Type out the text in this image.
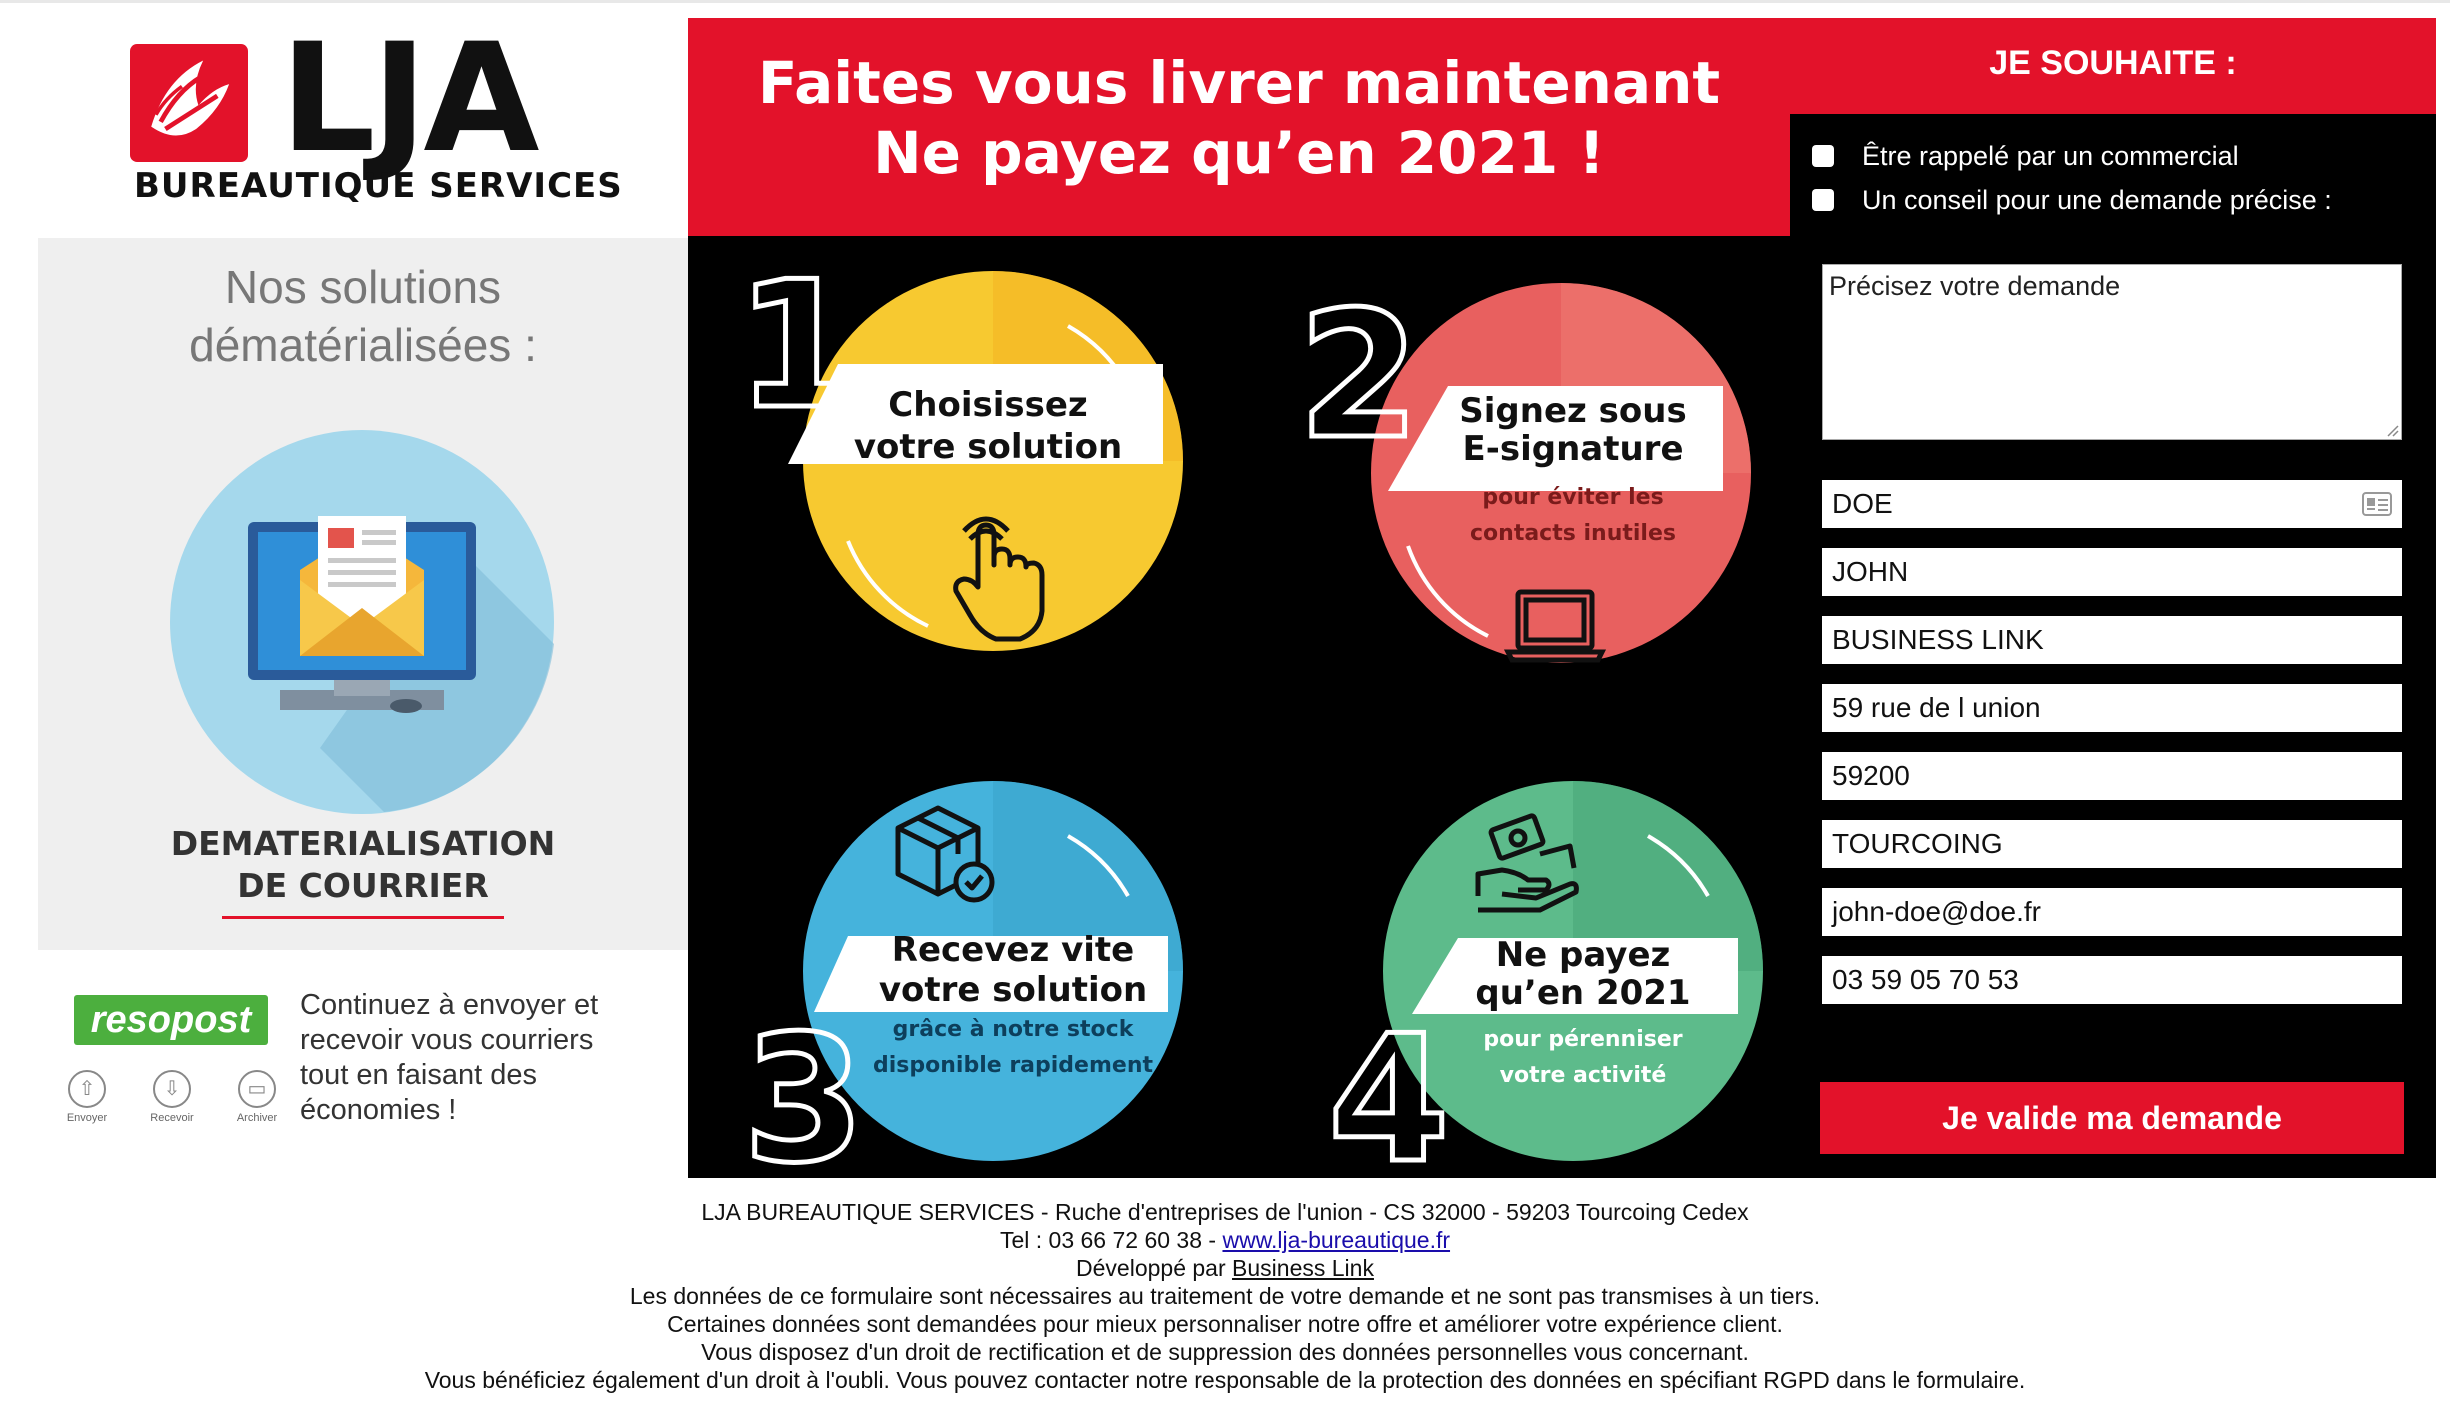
LJA
BUREAUTIQUE SERVICES
Nos solutions
dématérialisées :
DEMATERIALISATION
DE COURRIER
resopost
⇧
Envoyer
⇩
Recevoir
▭
Archiver
Continuez à envoyer et recevoir vous courriers tout en faisant des économies !
Faites vous livrer maintenant
Ne payez qu’en 2021 !
1	2
3	4
Choisissez
votre solution
Signez sous
E-signature
pour éviter les
contacts inutiles
Recevez vite
votre solution
grâce à notre stock
disponible rapidement
Ne payez
qu’en 2021
pour pérenniser
votre activité
JE SOUHAITE :
Être rappelé par un commercial
Un conseil pour une demande précise :
Précisez votre demande
DOE
JOHN
BUSINESS LINK
59 rue de l union
59200
TOURCOING
john-doe@doe.fr
03 59 05 70 53
Je valide ma demande
LJA BUREAUTIQUE SERVICES - Ruche d'entreprises de l'union - CS 32000 - 59203 Tourcoing Cedex
Tel : 03 66 72 60 38 - www.lja-bureautique.fr
Développé par Business Link
Les données de ce formulaire sont nécessaires au traitement de votre demande et ne sont pas transmises à un tiers.
Certaines données sont demandées pour mieux personnaliser notre offre et améliorer votre expérience client.
Vous disposez d'un droit de rectification et de suppression des données personnelles vous concernant.
Vous bénéficiez également d'un droit à l'oubli. Vous pouvez contacter notre responsable de la protection des données en spécifiant RGPD dans le formulaire.
